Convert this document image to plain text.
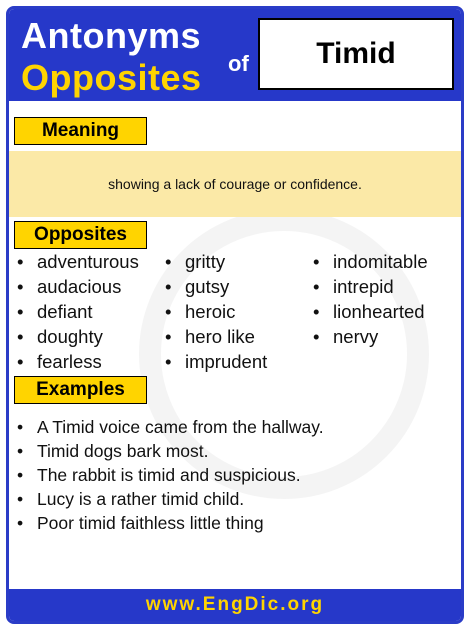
Antonyms
Opposites of	Timid
Meaning
showing a lack of courage or confidence.
Opposites
• adventurous
• audacious
• defiant
• doughty
• fearless
• gritty
• gutsy
• heroic
• hero like
• imprudent
• indomitable
• intrepid
• lionhearted
• nervy
Examples
• A Timid voice came from the hallway.
• Timid dogs bark most.
• The rabbit is timid and suspicious.
• Lucy is a rather timid child.
• Poor timid faithless little thing
www.EngDic.org
